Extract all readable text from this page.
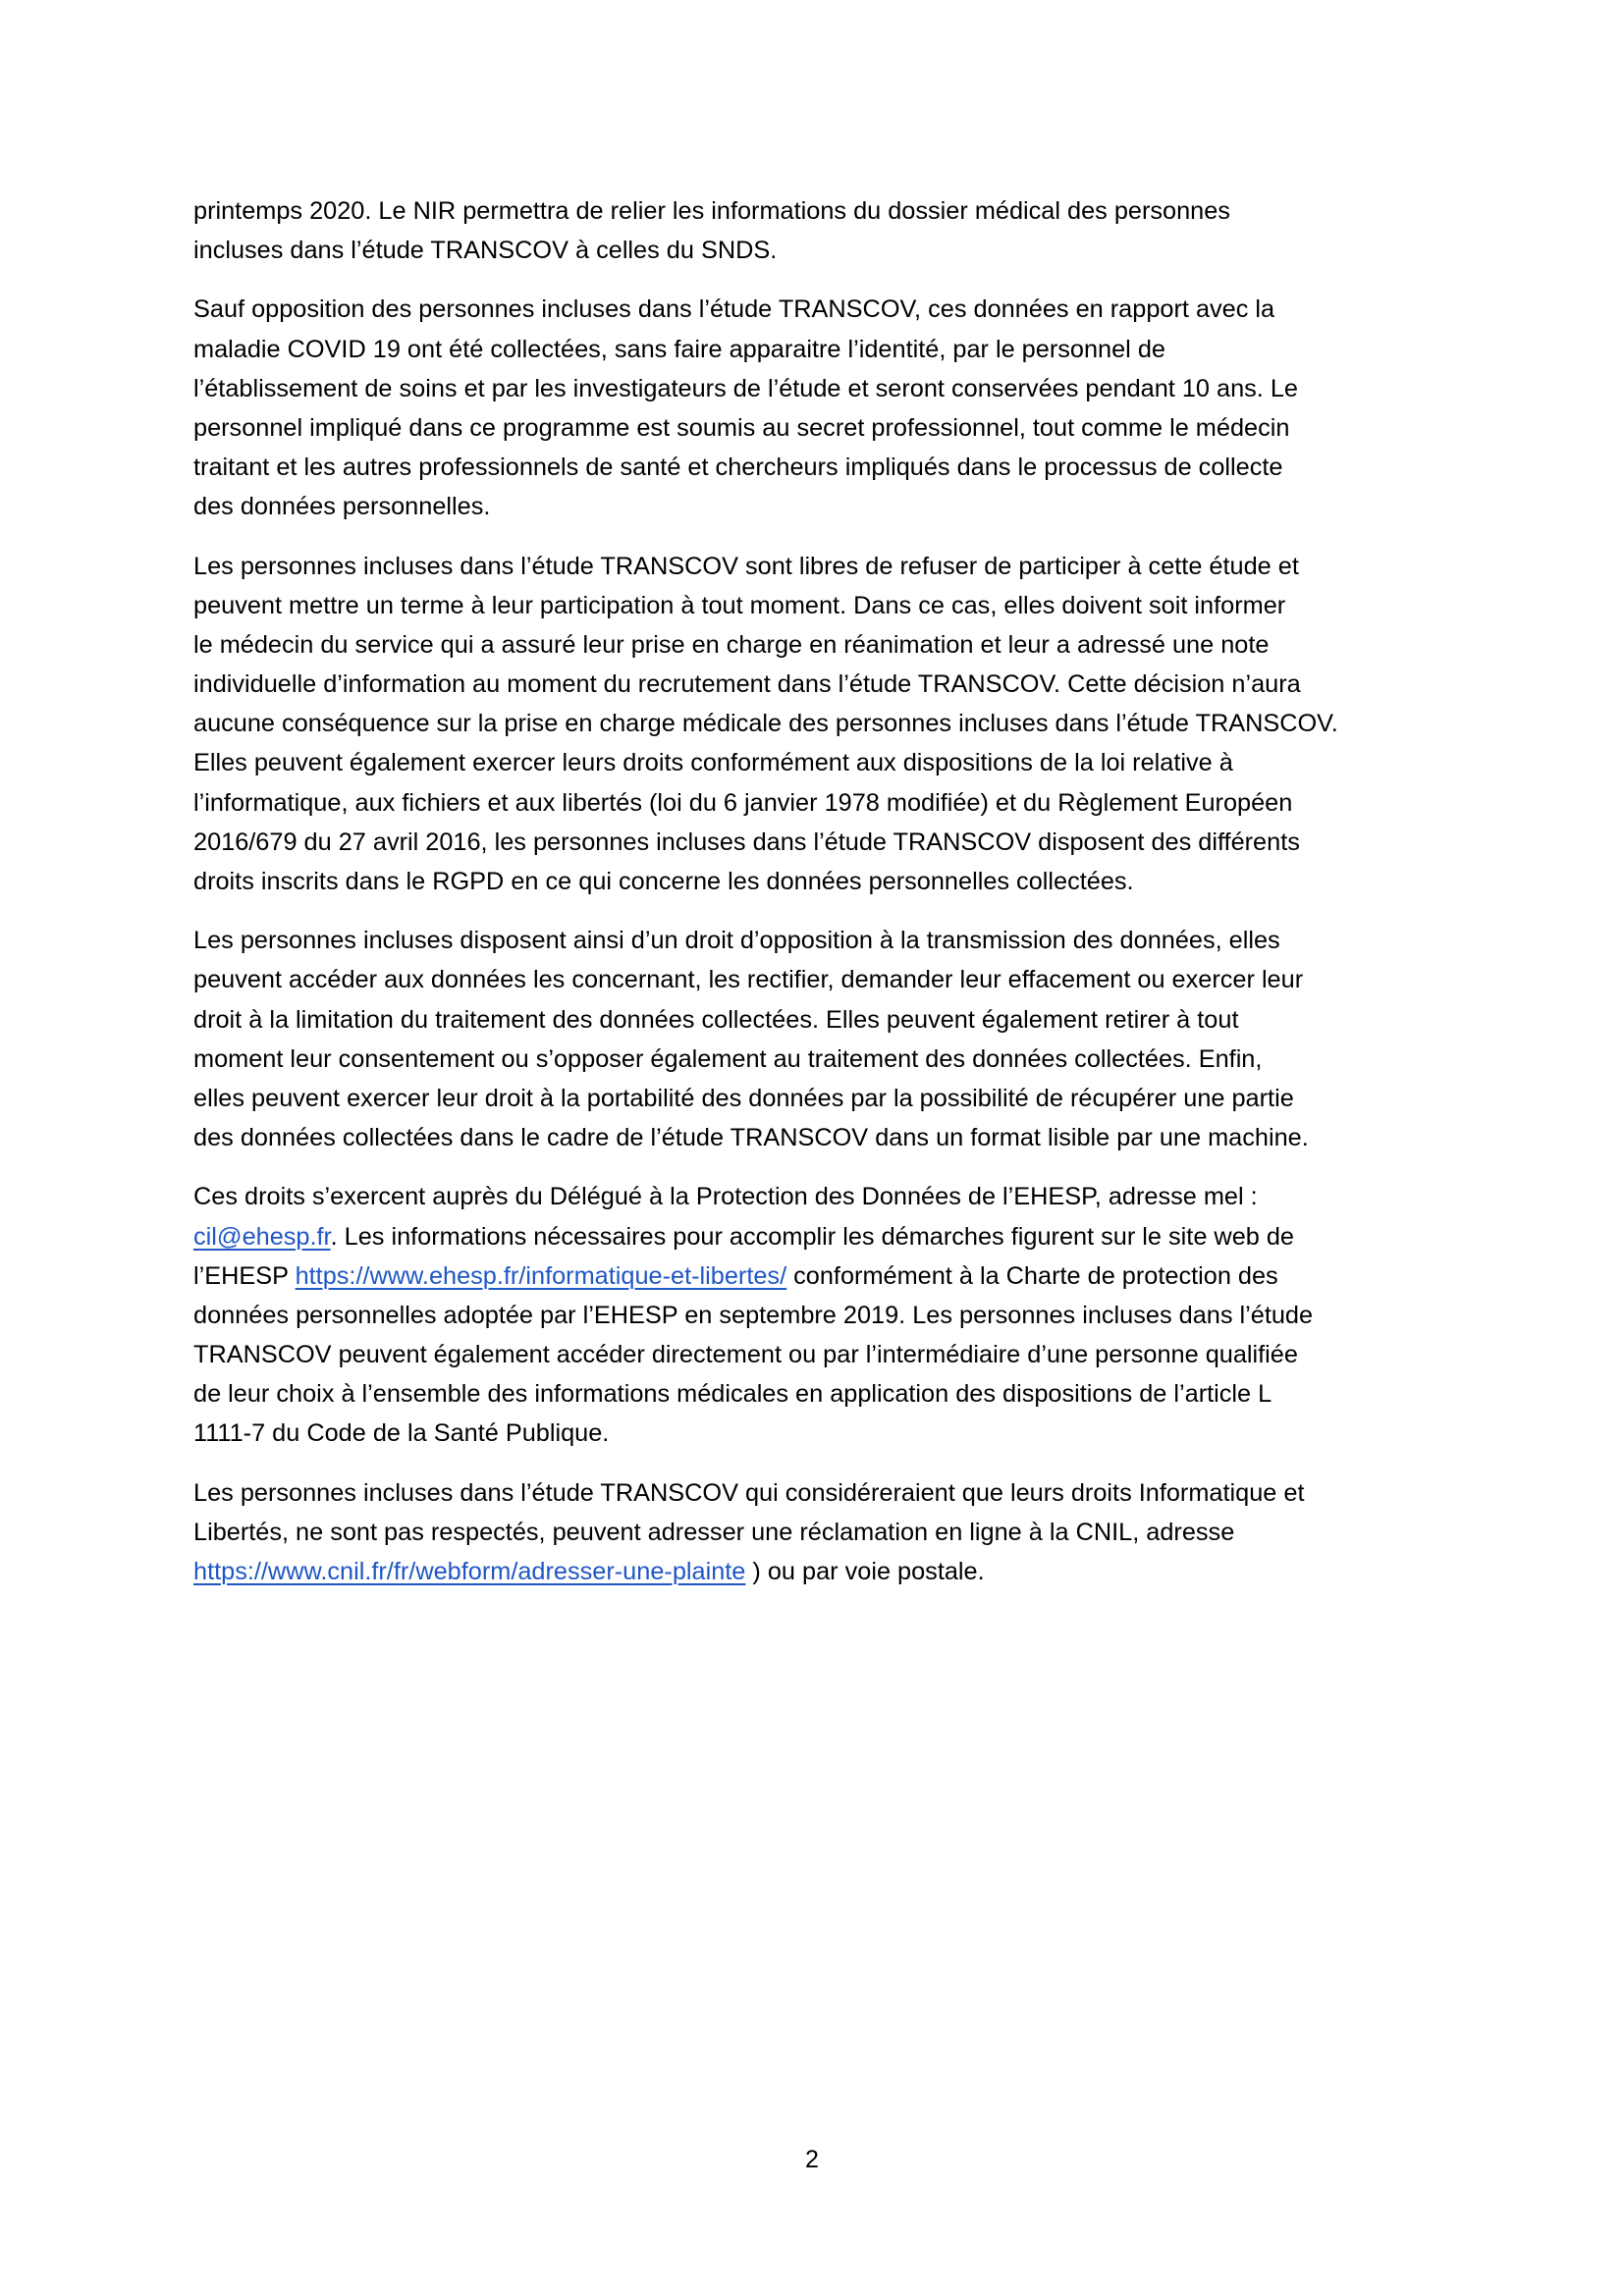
printemps 2020. Le NIR permettra de relier les informations du dossier médical des personnes
incluses dans l’étude TRANSCOV à celles du SNDS.

Sauf opposition des personnes incluses dans l’étude TRANSCOV, ces données en rapport avec la
maladie COVID 19 ont été collectées, sans faire apparaitre l’identité, par le personnel de
l’établissement de soins et par les investigateurs de l’étude et seront conservées pendant 10 ans. Le
personnel impliqué dans ce programme est soumis au secret professionnel, tout comme le médecin
traitant et les autres professionnels de santé et chercheurs impliqués dans le processus de collecte
des données personnelles.

Les personnes incluses dans l’étude TRANSCOV sont libres de refuser de participer à cette étude et
peuvent mettre un terme à leur participation à tout moment. Dans ce cas, elles doivent soit informer
le médecin du service qui a assuré leur prise en charge en réanimation et leur a adressé une note
individuelle d’information au moment du recrutement dans l’étude TRANSCOV. Cette décision n’aura
aucune conséquence sur la prise en charge médicale des personnes incluses dans l’étude TRANSCOV.
Elles peuvent également exercer leurs droits conformément aux dispositions de la loi relative à
l’informatique, aux fichiers et aux libertés (loi du 6 janvier 1978 modifiée) et du Règlement Européen
2016/679 du 27 avril 2016, les personnes incluses dans l’étude TRANSCOV disposent des différents
droits inscrits dans le RGPD en ce qui concerne les données personnelles collectées.

Les personnes incluses disposent ainsi d’un droit d’opposition à la transmission des données, elles
peuvent accéder aux données les concernant, les rectifier, demander leur effacement ou exercer leur
droit à la limitation du traitement des données collectées. Elles peuvent également retirer à tout
moment leur consentement ou s’opposer également au traitement des données collectées. Enfin,
elles peuvent exercer leur droit à la portabilité des données par la possibilité de récupérer une partie
des données collectées dans le cadre de l’étude TRANSCOV dans un format lisible par une machine.

Ces droits s’exercent auprès du Délégué à la Protection des Données de l’EHESP, adresse mel :
cil@ehesp.fr. Les informations nécessaires pour accomplir les démarches figurent sur le site web de
l’EHESP https://www.ehesp.fr/informatique-et-libertes/ conformément à la Charte de protection des
données personnelles adoptée par l’EHESP en septembre 2019. Les personnes incluses dans l’étude
TRANSCOV peuvent également accéder directement ou par l’intermédiaire d’une personne qualifiée
de leur choix à l’ensemble des informations médicales en application des dispositions de l’article L
1111-7 du Code de la Santé Publique.

Les personnes incluses dans l’étude TRANSCOV qui considéreraient que leurs droits Informatique et
Libertés, ne sont pas respectés, peuvent adresser une réclamation en ligne à la CNIL, adresse
https://www.cnil.fr/fr/webform/adresser-une-plainte ) ou par voie postale.

2
